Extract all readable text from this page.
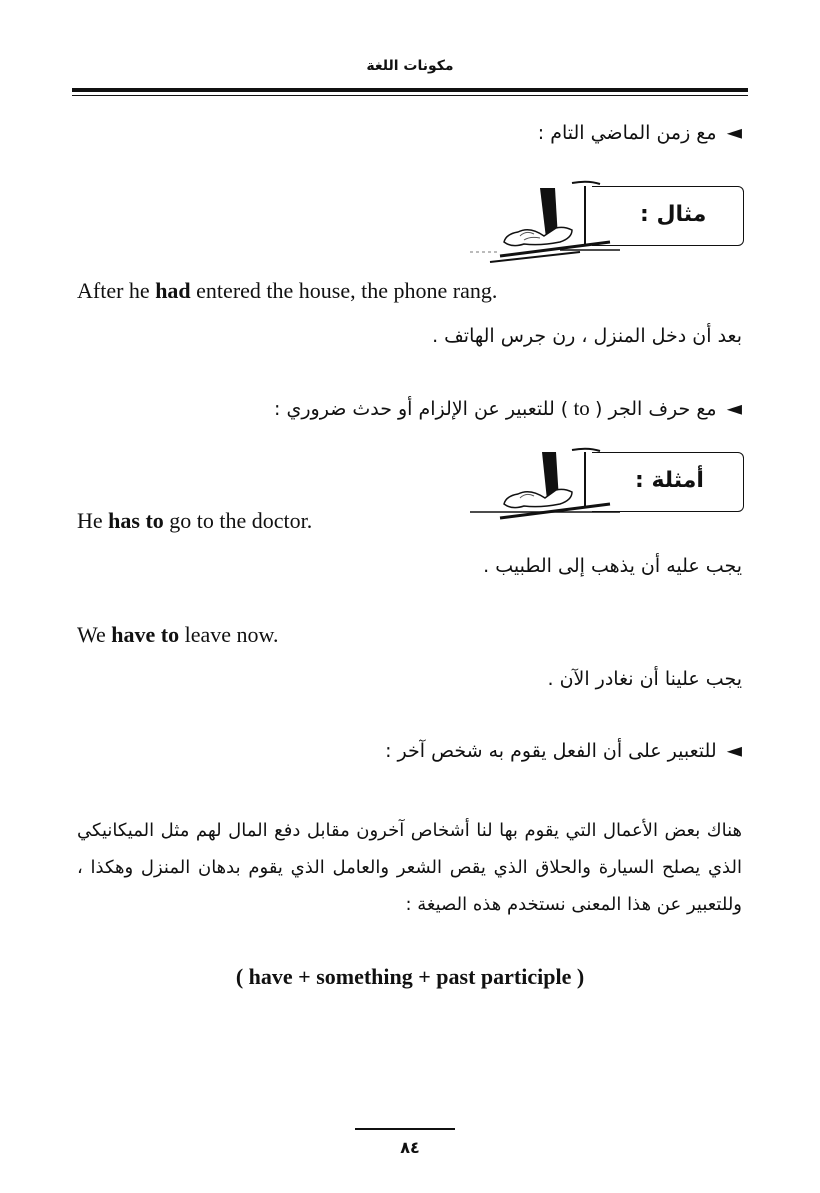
مكونات اللغة
◄مع زمن الماضي التام :
مثال :
After he had entered the house, the phone rang.
بعد أن دخل المنزل ، رن جرس الهاتف .
◄مع حرف الجر ( to ) للتعبير عن الإلزام أو حدث ضروري :
أمثلة :
He has to go to the doctor.
يجب عليه أن يذهب إلى الطبيب .
We have to leave now.
يجب علينا أن نغادر الآن .
◄للتعبير على أن الفعل يقوم به شخص آخر :
هناك بعض الأعمال التي يقوم بها لنا أشخاص آخرون مقابل دفع المال لهم مثل الميكانيكي الذي يصلح السيارة والحلاق الذي يقص الشعر والعامل الذي يقوم بدهان المنزل وهكذا ، وللتعبير عن هذا المعنى نستخدم هذه الصيغة :
( have + something + past participle )
٨٤
